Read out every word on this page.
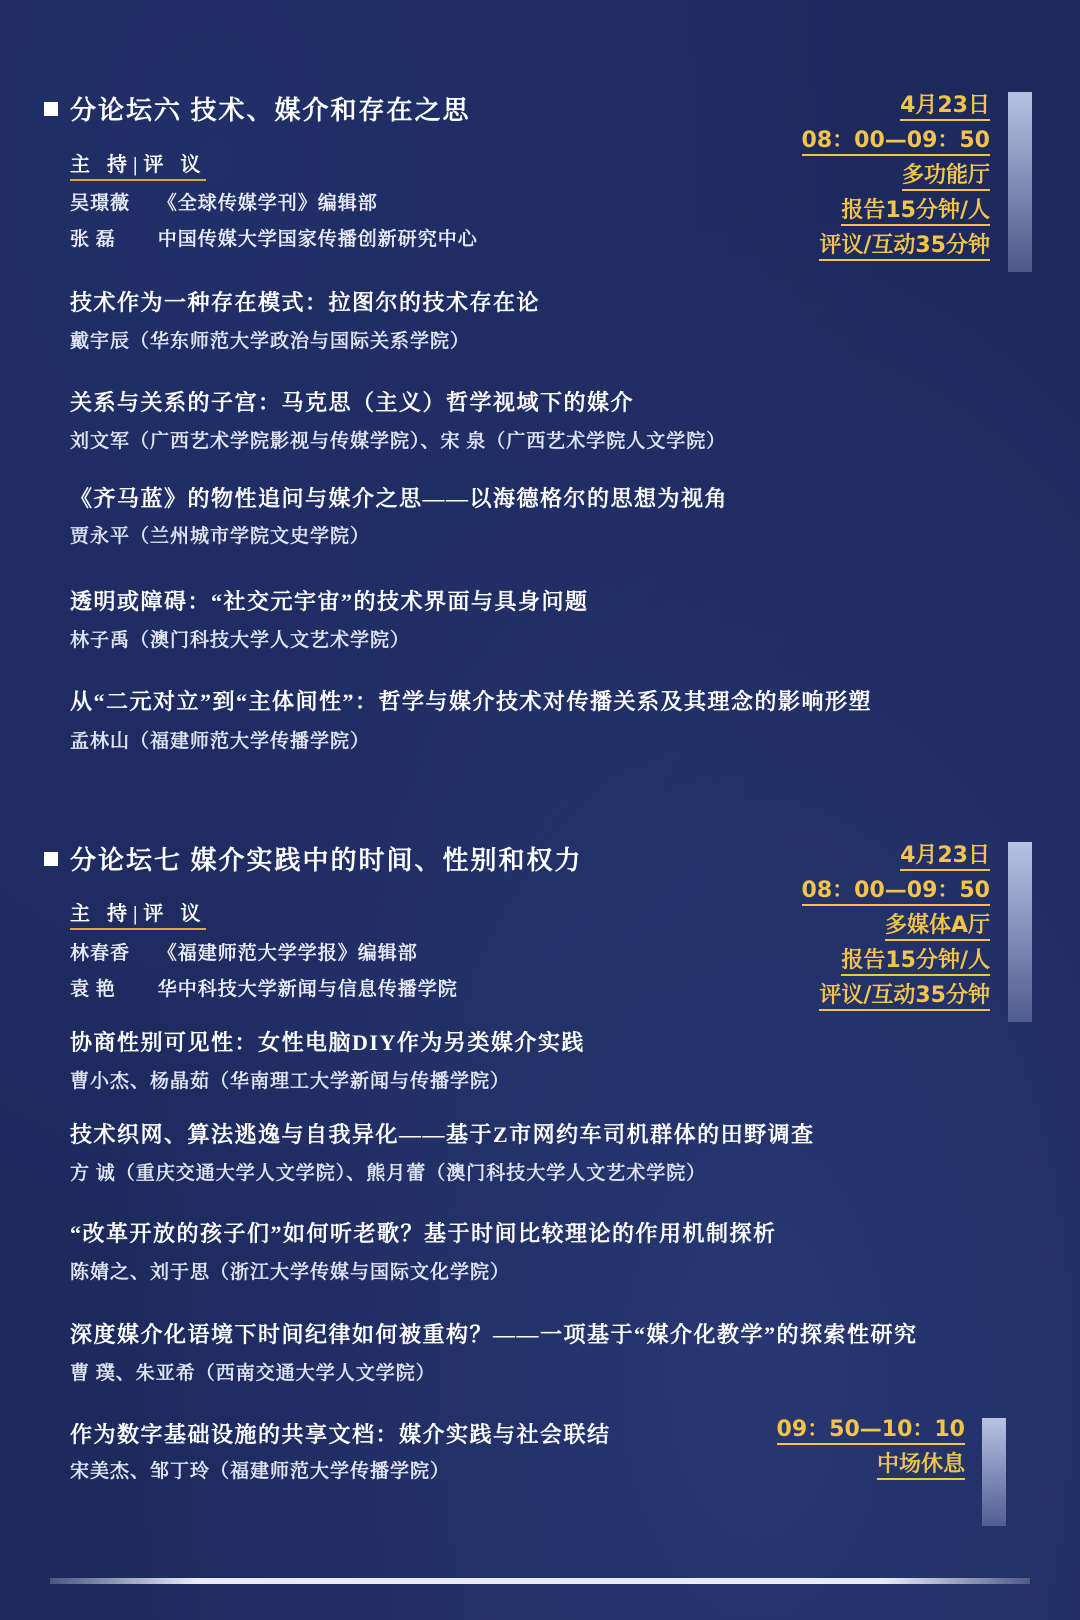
分论坛六 技术、媒介和存在之思
主 持|评 议
吴璟薇 《全球传媒学刊》编辑部
张 磊 中国传媒大学国家传播创新研究中心
4月23日
08：00—09：50
多功能厅
报告15分钟/人
评议/互动35分钟
技术作为一种存在模式：拉图尔的技术存在论
戴宇辰（华东师范大学政治与国际关系学院）
关系与关系的子宫：马克思（主义）哲学视域下的媒介
刘文军（广西艺术学院影视与传媒学院）、宋 泉（广西艺术学院人文学院）
《齐马蓝》的物性追问与媒介之思——以海德格尔的思想为视角
贾永平（兰州城市学院文史学院）
透明或障碍：“社交元宇宙”的技术界面与具身问题
林子禹（澳门科技大学人文艺术学院）
从“二元对立”到“主体间性”：哲学与媒介技术对传播关系及其理念的影响形塑
孟林山（福建师范大学传播学院）
分论坛七 媒介实践中的时间、性别和权力
主 持|评 议
林春香 《福建师范大学学报》编辑部
袁 艳 华中科技大学新闻与信息传播学院
4月23日
08：00—09：50
多媒体A厅
报告15分钟/人
评议/互动35分钟
协商性别可见性：女性电脑DIY作为另类媒介实践
曹小杰、杨晶茹（华南理工大学新闻与传播学院）
技术织网、算法逃逸与自我异化——基于Z市网约车司机群体的田野调查
方 诚（重庆交通大学人文学院）、熊月蕾（澳门科技大学人文艺术学院）
“改革开放的孩子们”如何听老歌？基于时间比较理论的作用机制探析
陈婧之、刘于思（浙江大学传媒与国际文化学院）
深度媒介化语境下时间纪律如何被重构？——一项基于“媒介化教学”的探索性研究
曹 璞、朱亚希（西南交通大学人文学院）
作为数字基础设施的共享文档：媒介实践与社会联结
宋美杰、邹丁玲（福建师范大学传播学院）
09：50—10：10
中场休息
